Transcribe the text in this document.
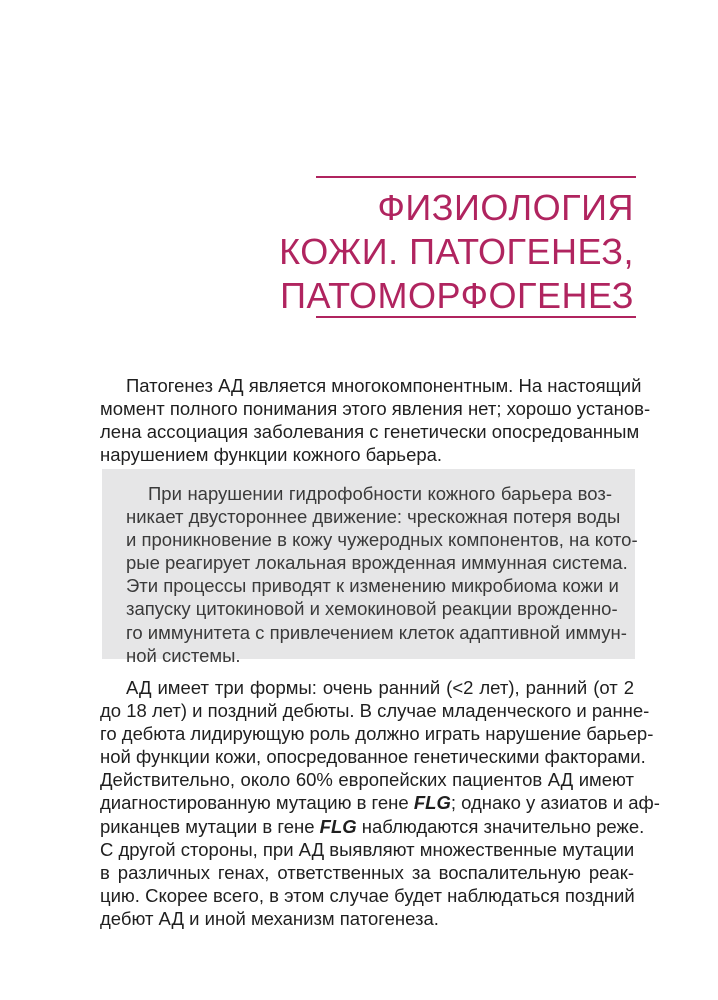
ФИЗИОЛОГИЯ
КОЖИ. ПАТОГЕНЕЗ,
ПАТОМОРФОГЕНЕЗ

Патогенез АД является многокомпонентным. На настоящий
момент полного понимания этого явления нет; хорошо установ-
лена ассоциация заболевания с генетически опосредованным
нарушением функции кожного барьера.

При нарушении гидрофобности кожного барьера воз-
никает двустороннее движение: чрескожная потеря воды
и проникновение в кожу чужеродных компонентов, на кото-
рые реагирует локальная врожденная иммунная система.
Эти процессы приводят к изменению микробиома кожи и
запуску цитокиновой и хемокиновой реакции врожденно-
го иммунитета с привлечением клеток адаптивной иммун-
ной системы.

АД имеет три формы: очень ранний (<2 лет), ранний (от 2
до 18 лет) и поздний дебюты. В случае младенческого и ранне-
го дебюта лидирующую роль должно играть нарушение барьер-
ной функции кожи, опосредованное генетическими факторами.
Действительно, около 60% европейских пациентов АД имеют
диагностированную мутацию в гене FLG; однако у азиатов и аф-
риканцев мутации в гене FLG наблюдаются значительно реже.
С другой стороны, при АД выявляют множественные мутации
в различных генах, ответственных за воспалительную реак-
цию. Скорее всего, в этом случае будет наблюдаться поздний
дебют АД и иной механизм патогенеза.
